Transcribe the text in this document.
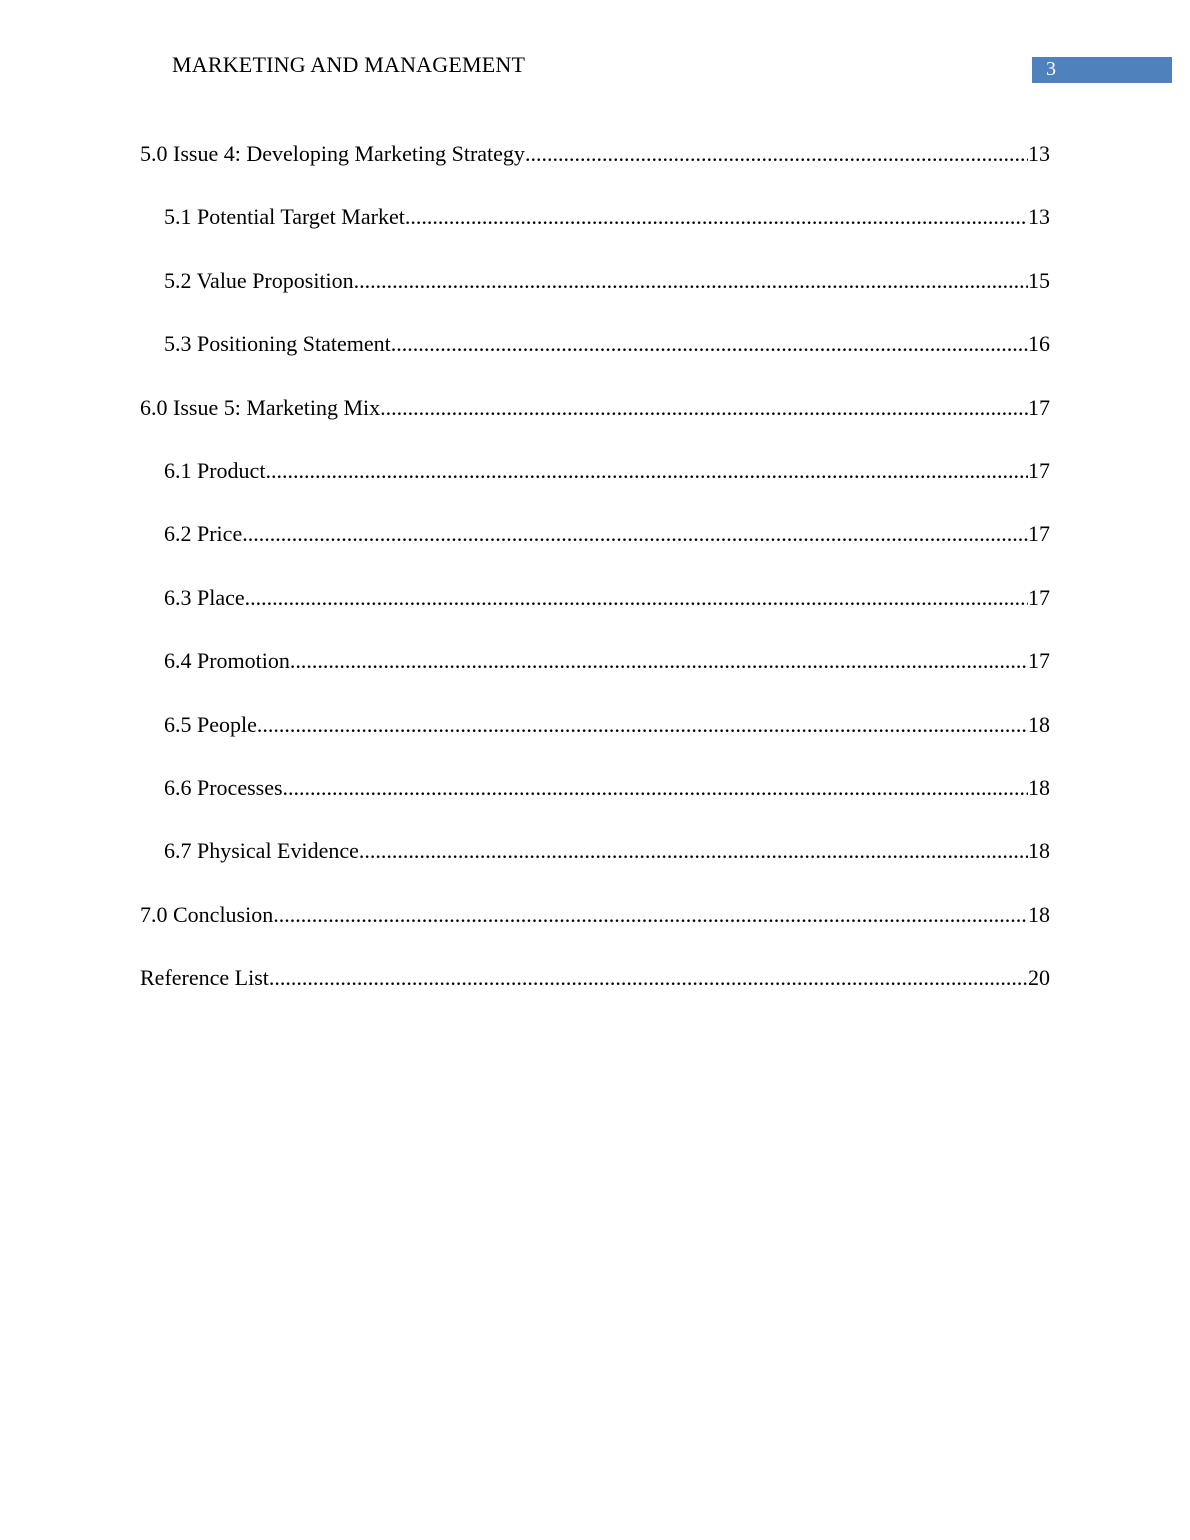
MARKETING AND MANAGEMENT	3
5.0 Issue 4: Developing Marketing Strategy .....	13
5.1 Potential Target Market .....	13
5.2 Value Proposition .....	15
5.3 Positioning Statement .....	16
6.0 Issue 5: Marketing Mix .....	17
6.1 Product .....	17
6.2 Price .....	17
6.3 Place .....	17
6.4 Promotion .....	17
6.5 People .....	18
6.6 Processes .....	18
6.7 Physical Evidence .....	18
7.0 Conclusion .....	18
Reference List .....	20
